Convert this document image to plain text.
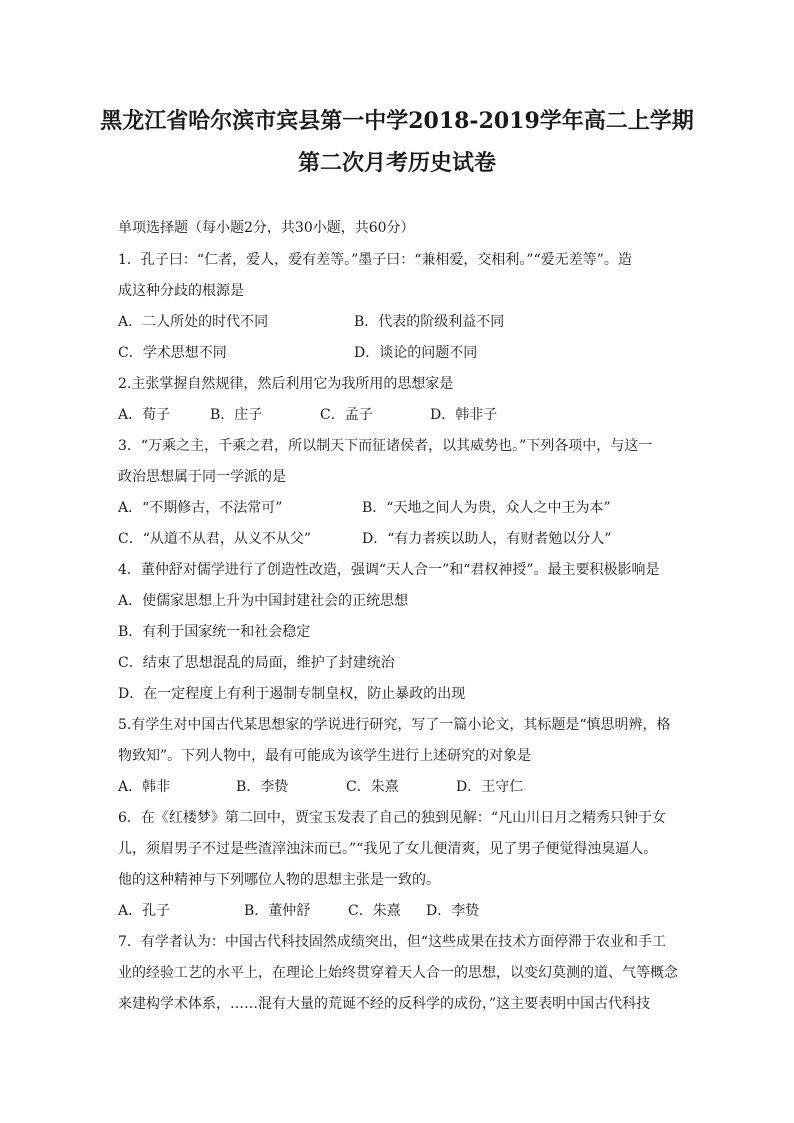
黑龙江省哈尔滨市宾县第一中学2018-2019学年高二上学期
第二次月考历史试卷
单项选择题（每小题2分，共30小题，共60分）
1．孔子曰：“仁者，爱人，爱有差等。”墨子曰：“兼相爱，交相利。”“爱无差等”。造
成这种分歧的根源是
A．二人所处的时代不同	B．代表的阶级利益不同
C．学术思想不同	D．谈论的问题不同
2.主张掌握自然规律，然后利用它为我所用的思想家是
A．荀子	B．庄子	C．孟子	D．韩非子
3．“万乘之主，千乘之君，所以制天下而征诸侯者，以其威势也。”下列各项中，与这一
政治思想属于同一学派的是
A．“不期修古，不法常可”	B．“天地之间人为贵，众人之中王为本”
C．“从道不从君，从义不从父”	D．“有力者疾以助人，有财者勉以分人”
4．董仲舒对儒学进行了创造性改造，强调“天人合一”和“君权神授”。最主要积极影响是
A．使儒家思想上升为中国封建社会的正统思想
B．有利于国家统一和社会稳定
C．结束了思想混乱的局面，维护了封建统治
D．在一定程度上有利于遏制专制皇权，防止暴政的出现
5.有学生对中国古代某思想家的学说进行研究，写了一篇小论文，其标题是“慎思明辨，格
物致知”。下列人物中，最有可能成为该学生进行上述研究的对象是
A．韩非	B．李贽	C．朱熹	D．王守仁
6．在《红楼梦》第二回中，贾宝玉发表了自己的独到见解：“凡山川日月之精秀只钟于女
儿，须眉男子不过是些渣滓浊沫而已。”“我见了女儿便清爽，见了男子便觉得浊臭逼人。
他的这种精神与下列哪位人物的思想主张是一致的。
A．孔子	B．董仲舒	C．朱熹 D．李贽
7．有学者认为：中国古代科技固然成绩突出，但“这些成果在技术方面停滞于农业和手工
业的经验工艺的水平上，在理论上始终贯穿着天人合一的思想，以变幻莫测的道、气等概念
来建构学术体系，……混有大量的荒诞不经的反科学的成份，”这主要表明中国古代科技
